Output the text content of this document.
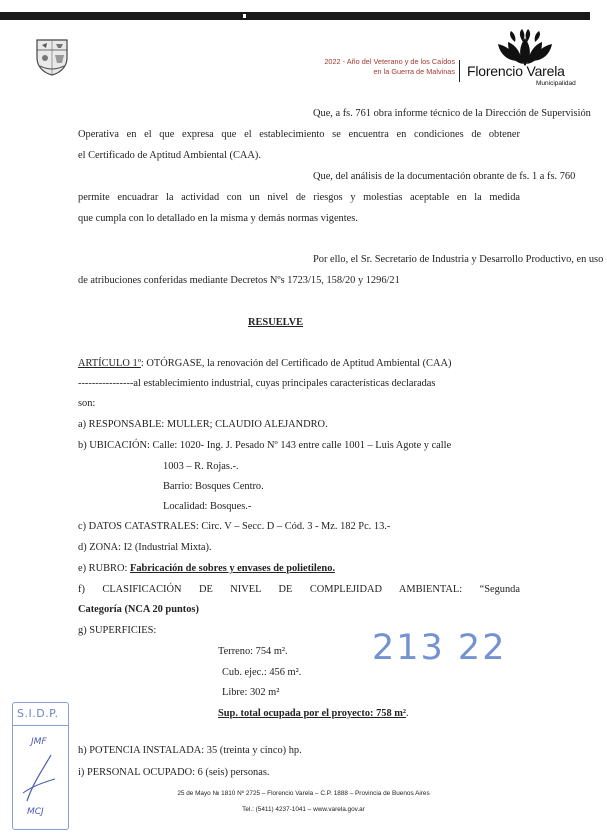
2022 - Año del Veterano y de los Caídos
en la Guerra de Malvinas Florencio Varela
Municipalidad
Que, a fs. 761 obra informe técnico de la Dirección de Supervisión
Operativa en el que expresa que el establecimiento se encuentra en condiciones de obtener
el Certificado de Aptitud Ambiental (CAA).
Que, del análisis de la documentación obrante de fs. 1 a fs. 760
permite encuadrar la actividad con un nivel de riesgos y molestias aceptable en la medida
que cumpla con lo detallado en la misma y demás normas vigentes.
Por ello, el Sr. Secretario de Industria y Desarrollo Productivo, en uso
de atribuciones conferidas mediante Decretos Nºs 1723/15, 158/20 y 1296/21
RESUELVE
ARTÍCULO 1º: OTÓRGASE, la renovación del Certificado de Aptitud Ambiental (CAA)
----------------al establecimiento industrial, cuyas principales características declaradas
son:
a) RESPONSABLE: MULLER; CLAUDIO ALEJANDRO.
b) UBICACIÓN: Calle: 1020- Ing. J. Pesado Nº 143 entre calle 1001 – Luis Agote y calle
1003 – R. Rojas.-.
Barrio: Bosques Centro.
Localidad: Bosques.-
c) DATOS CATASTRALES: Circ. V – Secc. D – Cód. 3 - Mz. 182 Pc. 13.-
d) ZONA: I2 (Industrial Mixta).
e) RUBRO: Fabricación de sobres y envases de polietileno.
f) CLASIFICACIÓN DE NIVEL DE COMPLEJIDAD AMBIENTAL: “Segunda
Categoría (NCA 20 puntos)
g) SUPERFICIES:
Terreno: 754 m².
Cub. ejec.: 456 m².
Libre: 302 m²
Sup. total ocupada por el proyecto: 758 m².
h) POTENCIA INSTALADA: 35 (treinta y cinco) hp.
i) PERSONAL OCUPADO: 6 (seis) personas.
213 22
S.I.D.P.
JMF
MCJ
25 de Mayo № 1810 Nº 2725 – Florencio Varela – C.P. 1888 – Provincia de Buenos Aires
Tel.: (5411) 4237-1041 – www.varela.gov.ar
